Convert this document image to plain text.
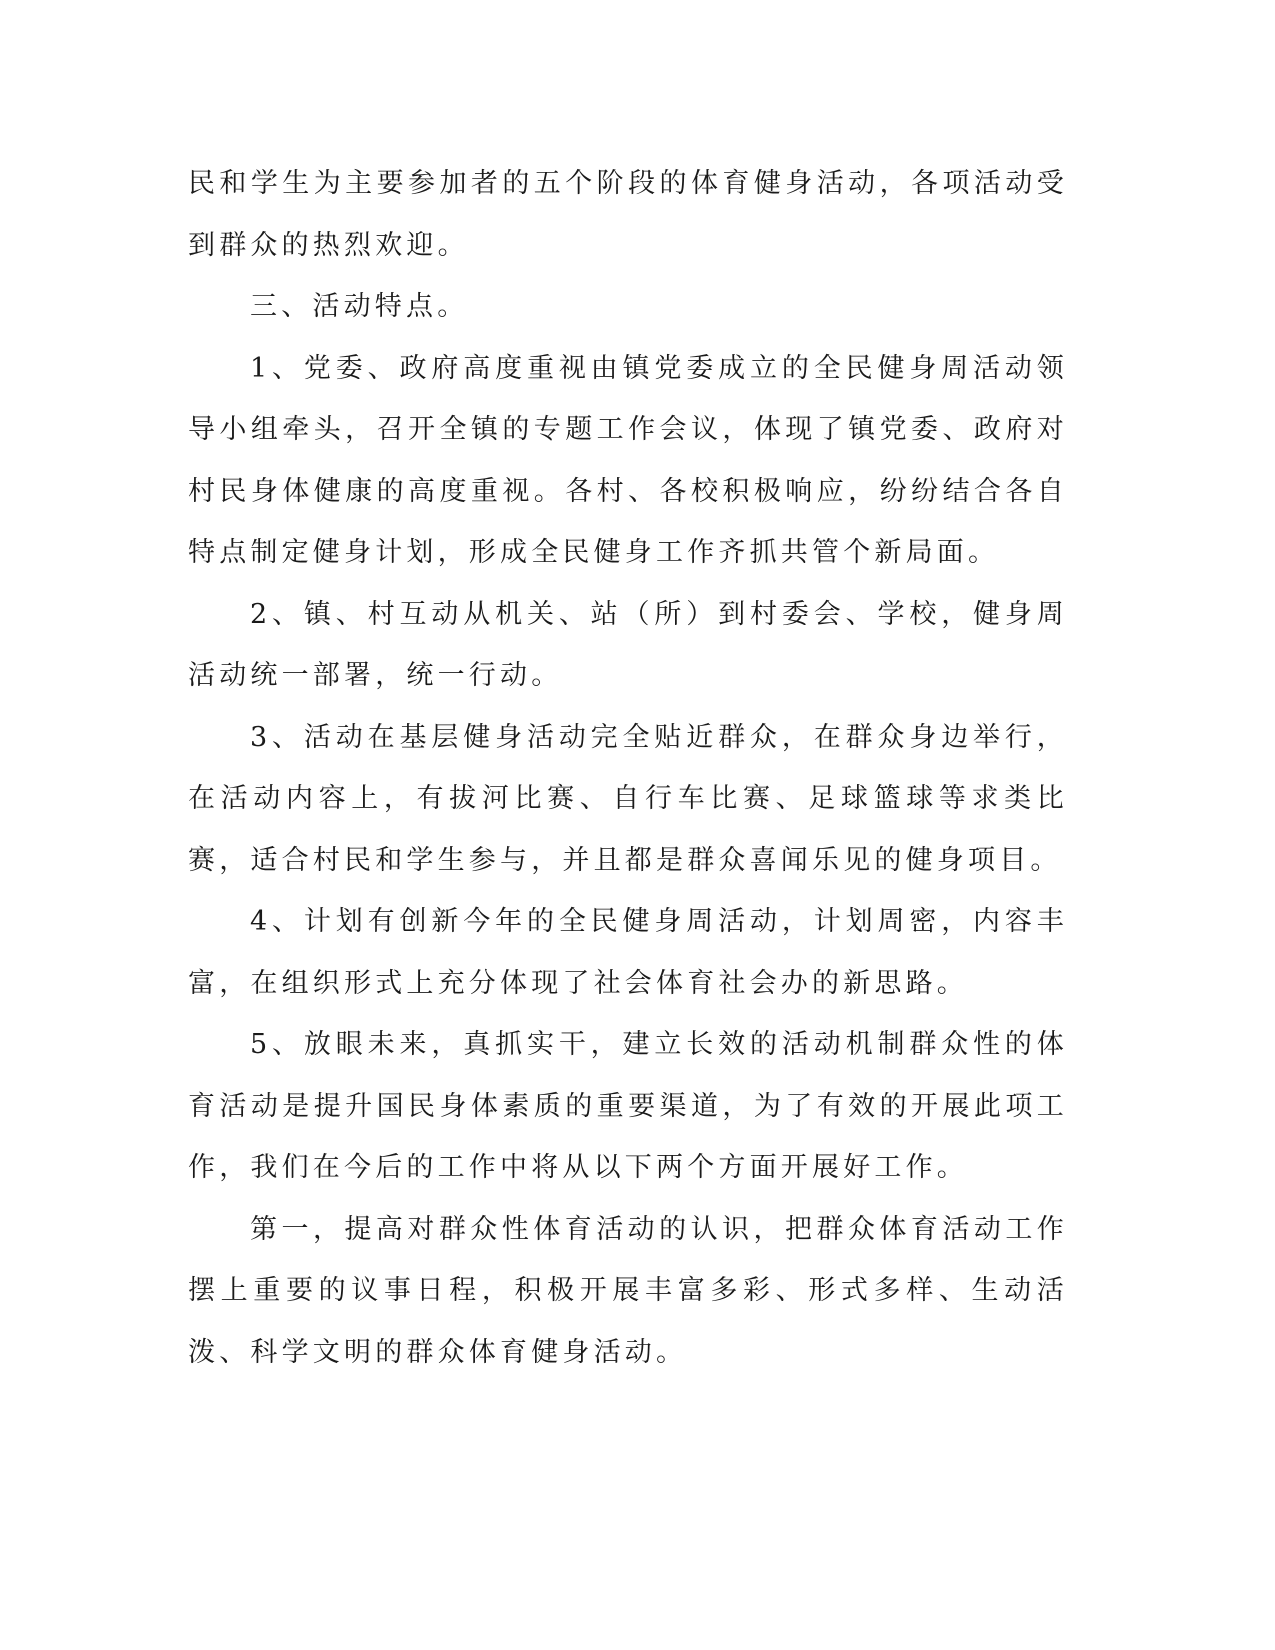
民和学生为主要参加者的五个阶段的体育健身活动，各项活动受到群众的热烈欢迎。

三、活动特点。

1、党委、政府高度重视由镇党委成立的全民健身周活动领导小组牵头，召开全镇的专题工作会议，体现了镇党委、政府对村民身体健康的高度重视。各村、各校积极响应，纷纷结合各自特点制定健身计划，形成全民健身工作齐抓共管个新局面。

2、镇、村互动从机关、站（所）到村委会、学校，健身周活动统一部署，统一行动。

3、活动在基层健身活动完全贴近群众，在群众身边举行，在活动内容上，有拔河比赛、自行车比赛、足球篮球等求类比赛，适合村民和学生参与，并且都是群众喜闻乐见的健身项目。

4、计划有创新今年的全民健身周活动，计划周密，内容丰富，在组织形式上充分体现了社会体育社会办的新思路。

5、放眼未来，真抓实干，建立长效的活动机制群众性的体育活动是提升国民身体素质的重要渠道，为了有效的开展此项工作，我们在今后的工作中将从以下两个方面开展好工作。

第一，提高对群众性体育活动的认识，把群众体育活动工作摆上重要的议事日程，积极开展丰富多彩、形式多样、生动活泼、科学文明的群众体育健身活动。
